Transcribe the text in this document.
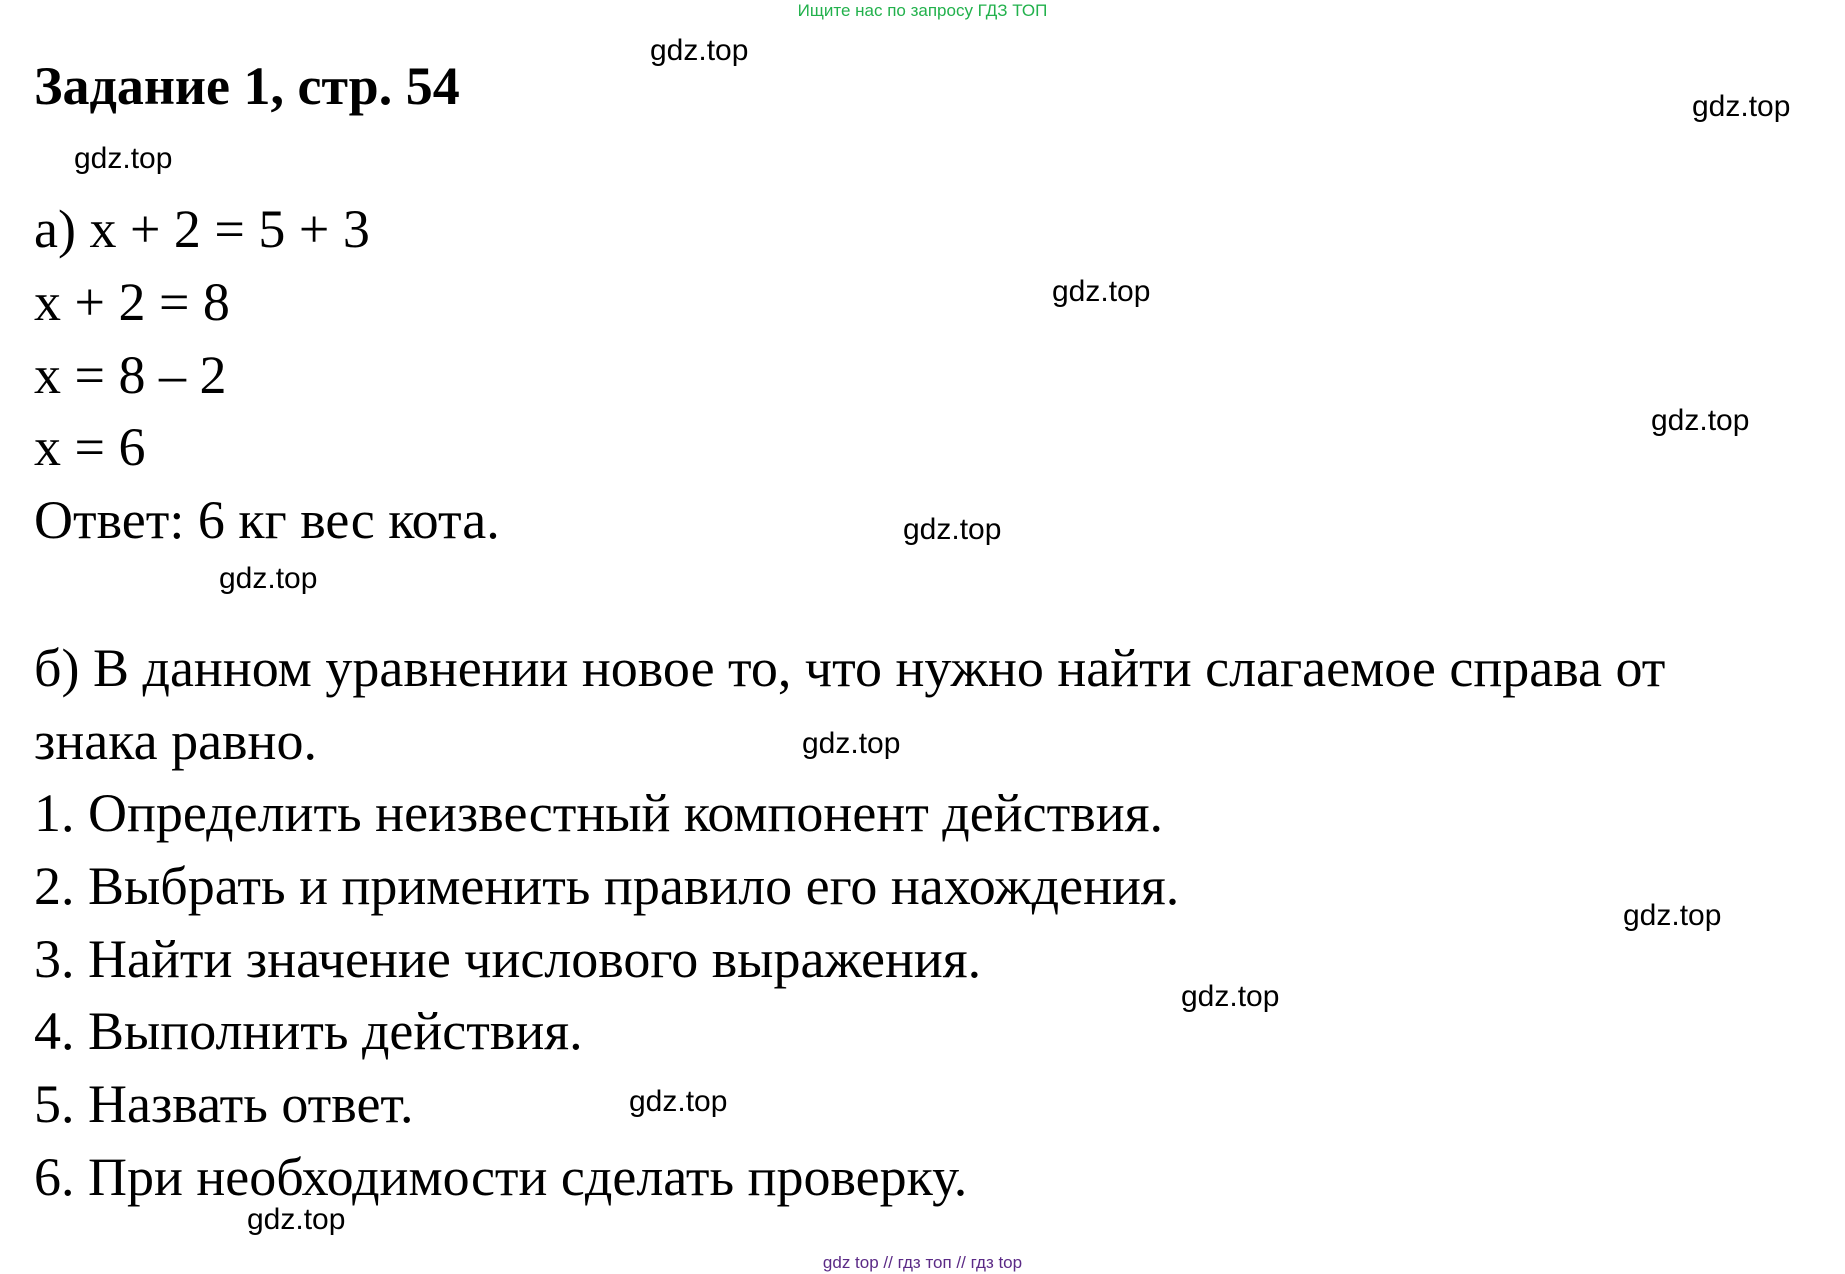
Ищите нас по запросу ГДЗ ТОП
Задание 1, стр. 54
а) x + 2 = 5 + 3
x + 2 = 8
x = 8 – 2
x = 6
Ответ: 6 кг вес кота.
б) В данном уравнении новое то, что нужно найти слагаемое справа от
знака равно.
1. Определить неизвестный компонент действия.
2. Выбрать и применить правило его нахождения.
3. Найти значение числового выражения.
4. Выполнить действия.
5. Назвать ответ.
6. При необходимости сделать проверку.
gdz.top
gdz.top
gdz.top
gdz.top
gdz.top
gdz.top
gdz.top
gdz.top
gdz.top
gdz.top
gdz.top
gdz.top
gdz top // гдз топ // гдз top
